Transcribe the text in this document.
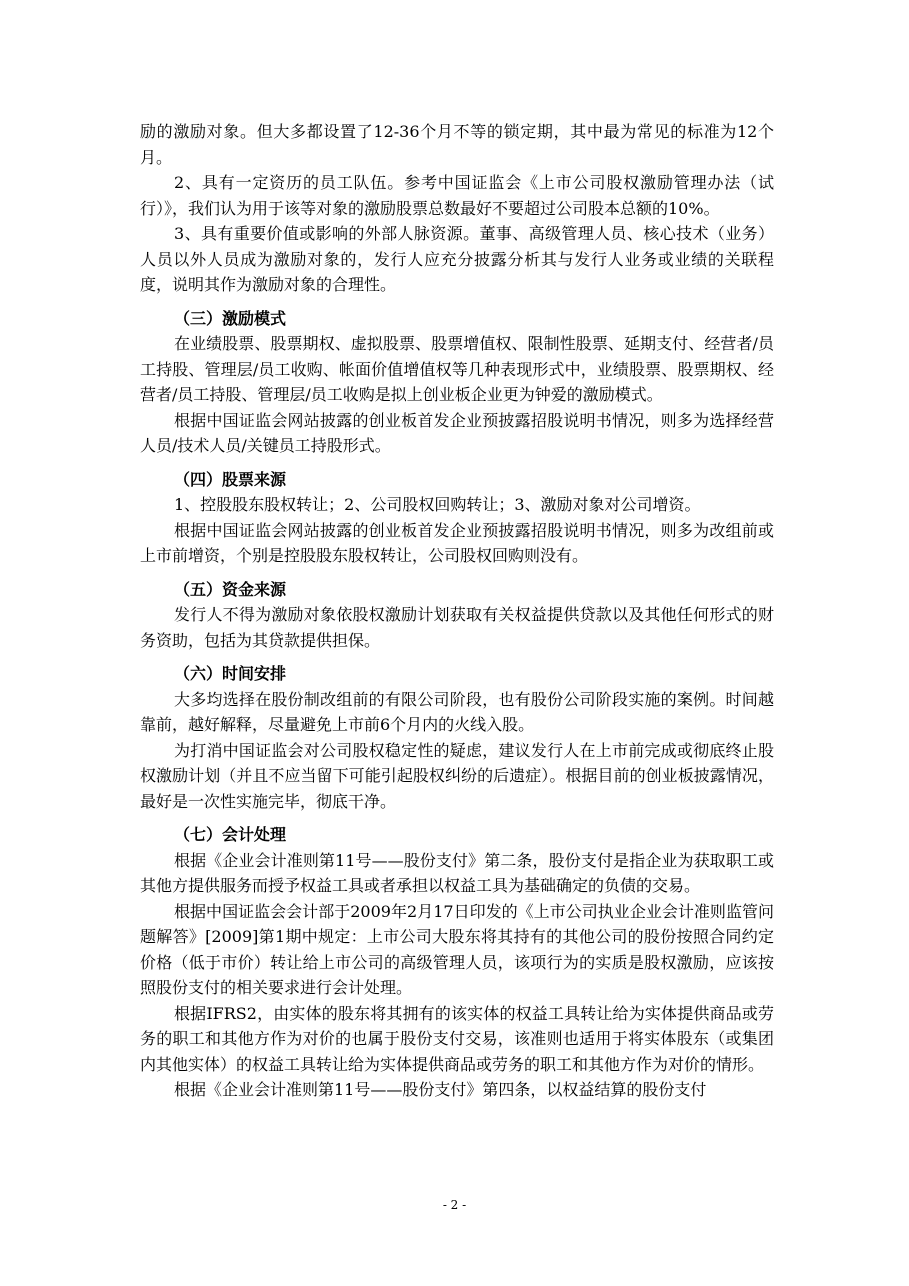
励的激励对象。但大多都设置了12-36个月不等的锁定期，其中最为常见的标准为12个月。

2、具有一定资历的员工队伍。参考中国证监会《上市公司股权激励管理办法（试行）》，我们认为用于该等对象的激励股票总数最好不要超过公司股本总额的10%。

3、具有重要价值或影响的外部人脉资源。董事、高级管理人员、核心技术（业务）人员以外人员成为激励对象的，发行人应充分披露分析其与发行人业务或业绩的关联程度，说明其作为激励对象的合理性。

（三）激励模式

在业绩股票、股票期权、虚拟股票、股票增值权、限制性股票、延期支付、经营者/员工持股、管理层/员工收购、帐面价值增值权等几种表现形式中，业绩股票、股票期权、经营者/员工持股、管理层/员工收购是拟上创业板企业更为钟爱的激励模式。

根据中国证监会网站披露的创业板首发企业预披露招股说明书情况，则多为选择经营人员/技术人员/关键员工持股形式。

（四）股票来源

1、控股股东股权转让；2、公司股权回购转让；3、激励对象对公司增资。

根据中国证监会网站披露的创业板首发企业预披露招股说明书情况，则多为改组前或上市前增资，个别是控股股东股权转让，公司股权回购则没有。

（五）资金来源

发行人不得为激励对象依股权激励计划获取有关权益提供贷款以及其他任何形式的财务资助，包括为其贷款提供担保。

（六）时间安排

大多均选择在股份制改组前的有限公司阶段，也有股份公司阶段实施的案例。时间越靠前，越好解释，尽量避免上市前6个月内的火线入股。

为打消中国证监会对公司股权稳定性的疑虑，建议发行人在上市前完成或彻底终止股权激励计划（并且不应当留下可能引起股权纠纷的后遗症）。根据目前的创业板披露情况，最好是一次性实施完毕，彻底干净。

（七）会计处理

根据《企业会计准则第11号——股份支付》第二条，股份支付是指企业为获取职工或其他方提供服务而授予权益工具或者承担以权益工具为基础确定的负债的交易。

根据中国证监会会计部于2009年2月17日印发的《上市公司执业企业会计准则监管问题解答》[2009]第1期中规定：上市公司大股东将其持有的其他公司的股份按照合同约定价格（低于市价）转让给上市公司的高级管理人员，该项行为的实质是股权激励，应该按照股份支付的相关要求进行会计处理。

根据IFRS2，由实体的股东将其拥有的该实体的权益工具转让给为实体提供商品或劳务的职工和其他方作为对价的也属于股份支付交易，该准则也适用于将实体股东（或集团内其他实体）的权益工具转让给为实体提供商品或劳务的职工和其他方作为对价的情形。

根据《企业会计准则第11号——股份支付》第四条，以权益结算的股份支付

- 2 -
